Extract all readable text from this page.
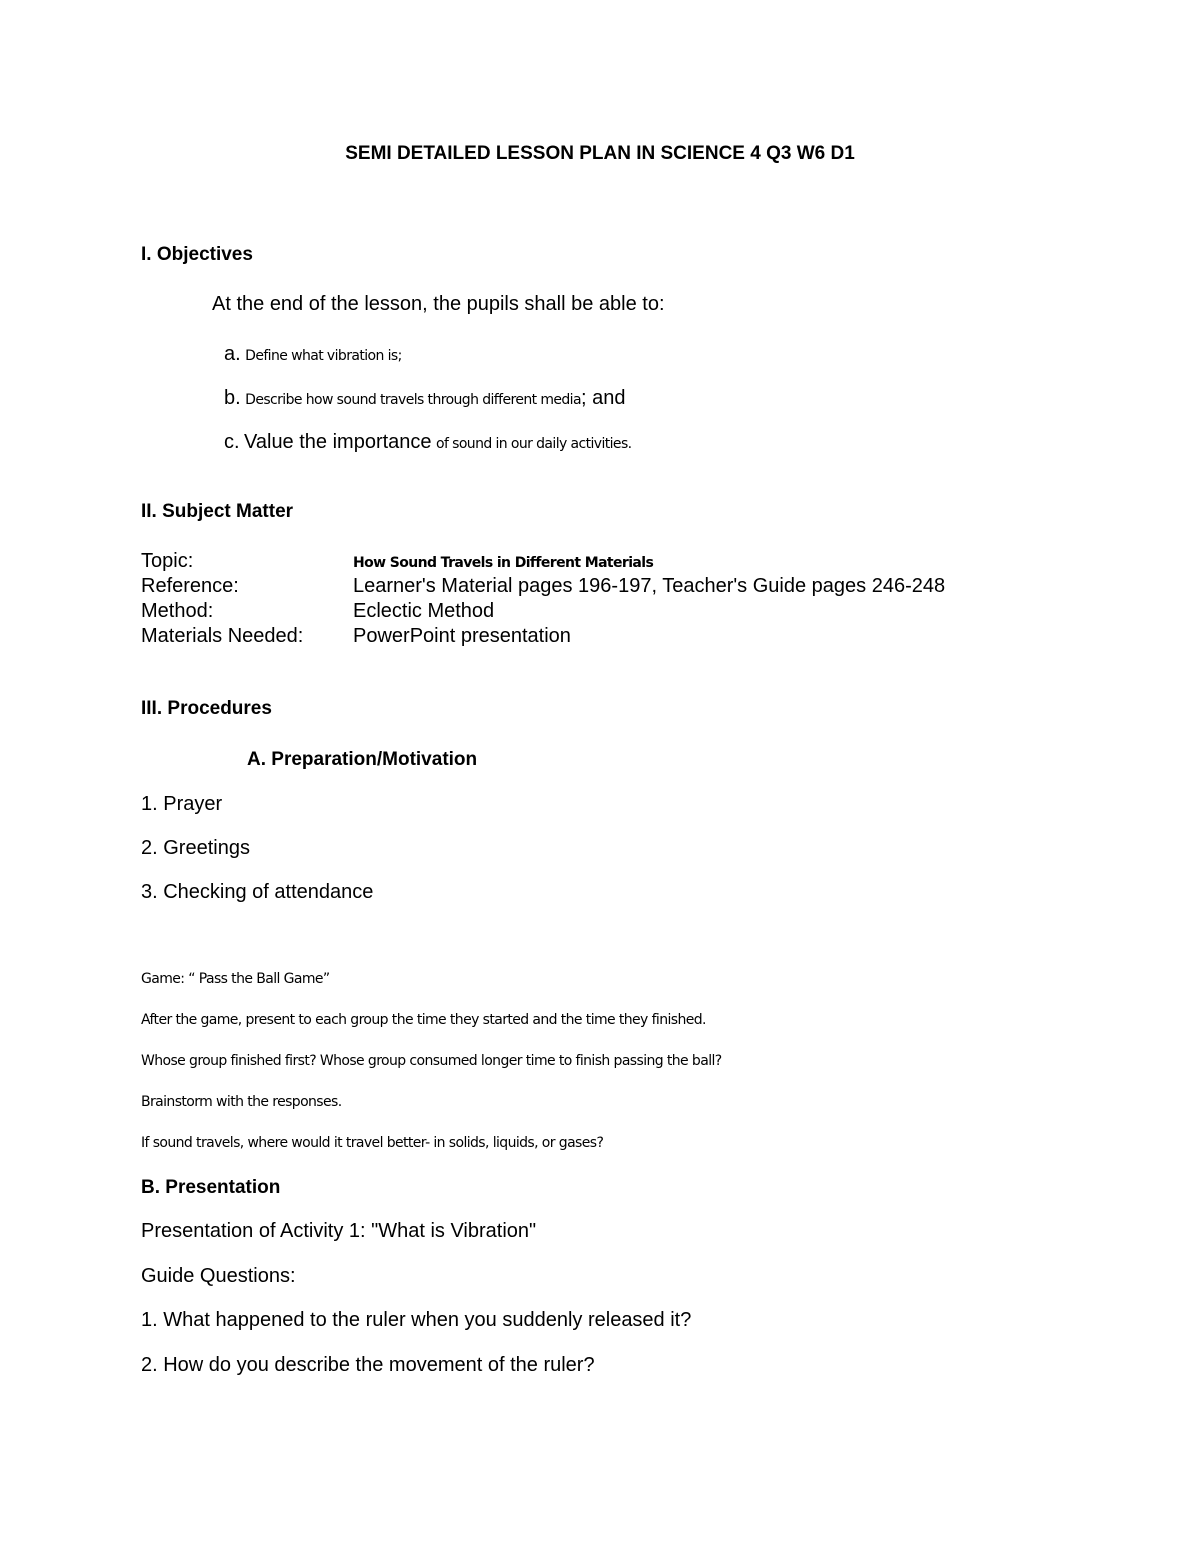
SEMI DETAILED LESSON PLAN IN SCIENCE 4 Q3 W6 D1
I. Objectives
At the end of the lesson, the pupils shall be able to:
a. Define what vibration is;
b. Describe how sound travels through different media; and
c. Value the importance of sound in our daily activities.
II. Subject Matter
Topic:	How Sound Travels in Different Materials
Reference:	Learner's Material pages 196-197, Teacher's Guide pages 246-248
Method:	Eclectic Method
Materials Needed: PowerPoint presentation
III. Procedures
A. Preparation/Motivation
1. Prayer
2. Greetings
3. Checking of attendance
Game: “ Pass the Ball Game”
After the game, present to each group the time they started and the time they finished.
Whose group finished first? Whose group consumed longer time to finish passing the ball?
Brainstorm with the responses.
If sound travels, where would it travel better- in solids, liquids, or gases?
B. Presentation
Presentation of Activity 1: "What is Vibration"
Guide Questions:
1. What happened to the ruler when you suddenly released it?
2. How do you describe the movement of the ruler?
